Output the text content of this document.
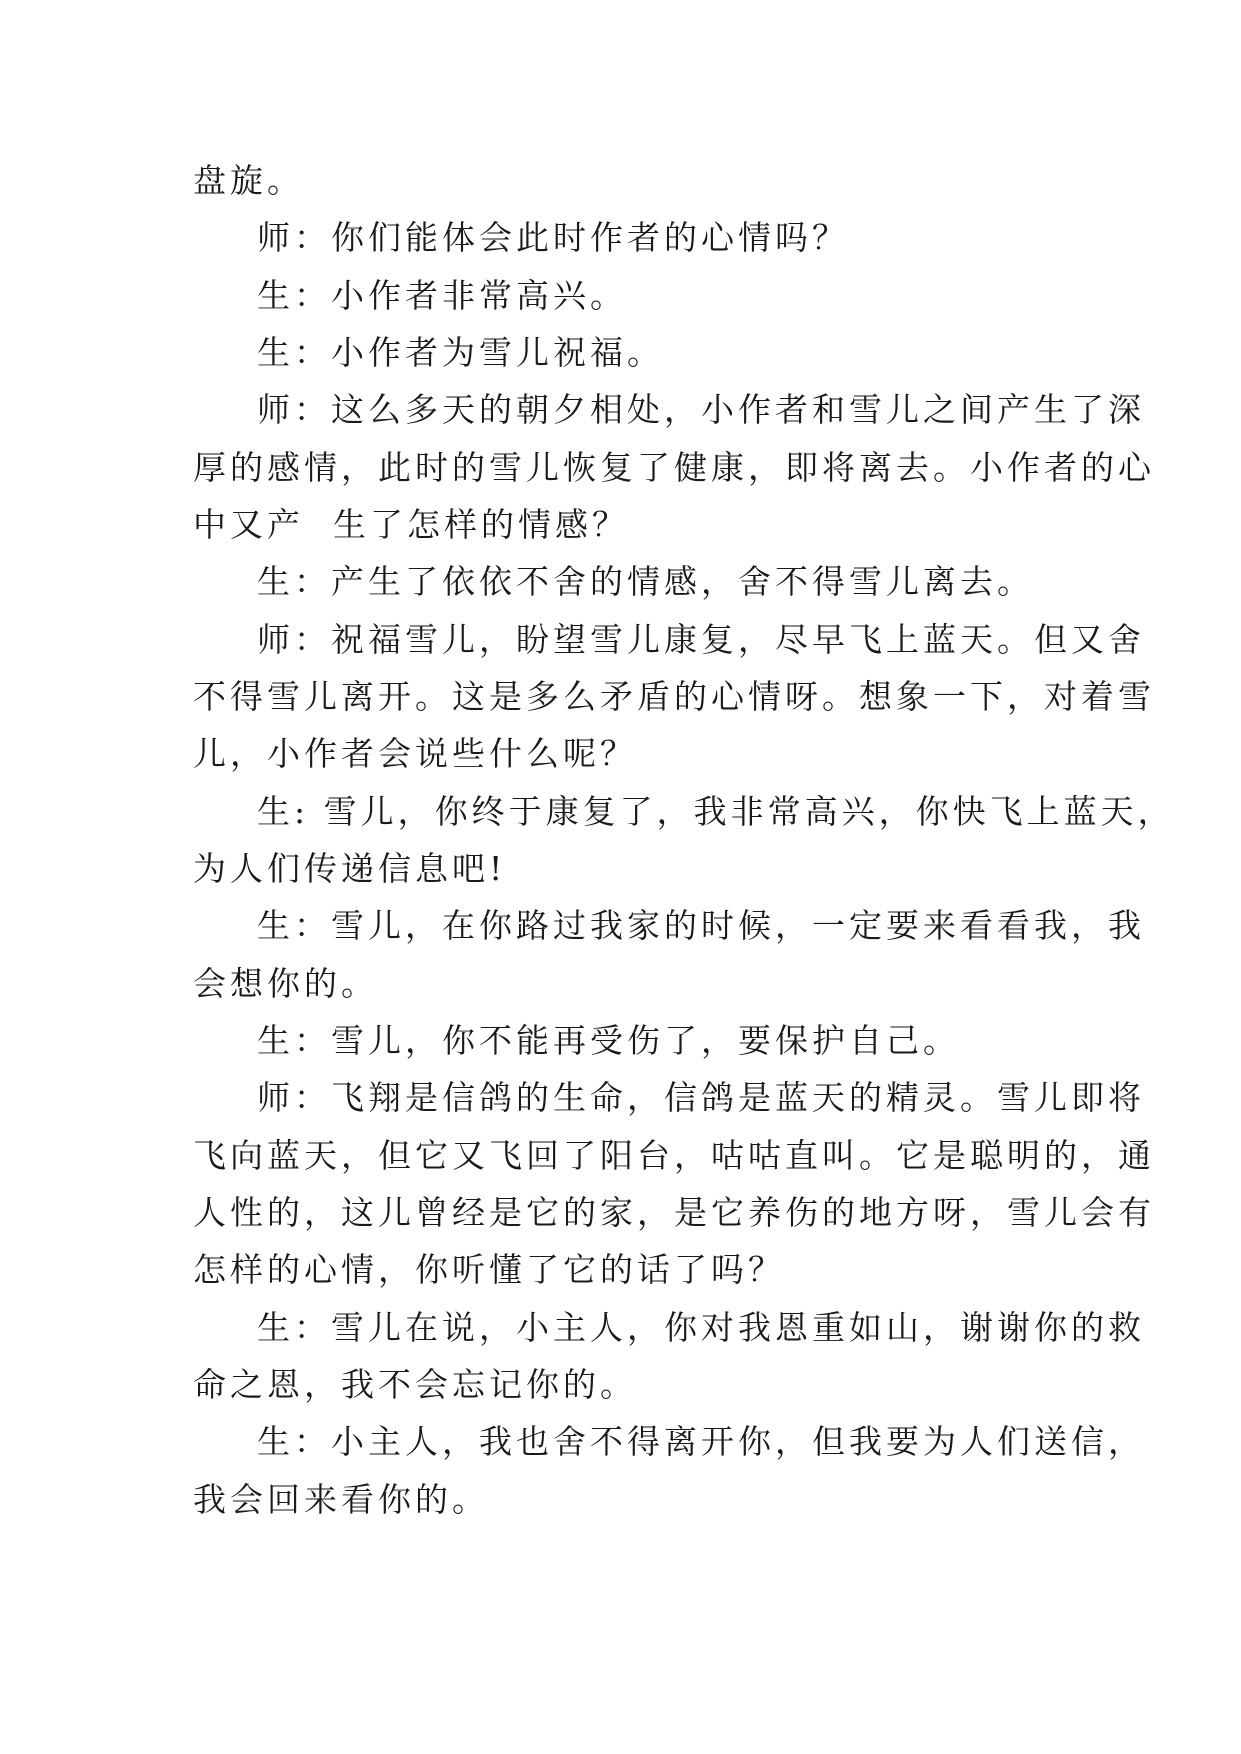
盘旋。
师：你们能体会此时作者的心情吗？
生：小作者非常高兴。
生：小作者为雪儿祝福。
师：这么多天的朝夕相处，小作者和雪儿之间产生了深
厚的感情，此时的雪儿恢复了健康，即将离去。小作者的心
中又产  生了怎样的情感？
生：产生了依依不舍的情感，舍不得雪儿离去。
师：祝福雪儿，盼望雪儿康复，尽早飞上蓝天。但又舍
不得雪儿离开。这是多么矛盾的心情呀。想象一下，对着雪
儿，小作者会说些什么呢？
生: 雪儿，你终于康复了，我非常高兴，你快飞上蓝天，
为人们传递信息吧!
生：雪儿，在你路过我家的时候，一定要来看看我，我
会想你的。
生：雪儿，你不能再受伤了，要保护自己。
师：飞翔是信鸽的生命，信鸽是蓝天的精灵。雪儿即将
飞向蓝天，但它又飞回了阳台，咕咕直叫。它是聪明的，通
人性的，这儿曾经是它的家，是它养伤的地方呀，雪儿会有
怎样的心情，你听懂了它的话了吗？
生：雪儿在说，小主人，你对我恩重如山，谢谢你的救
命之恩，我不会忘记你的。
生：小主人，我也舍不得离开你，但我要为人们送信，
我会回来看你的。
